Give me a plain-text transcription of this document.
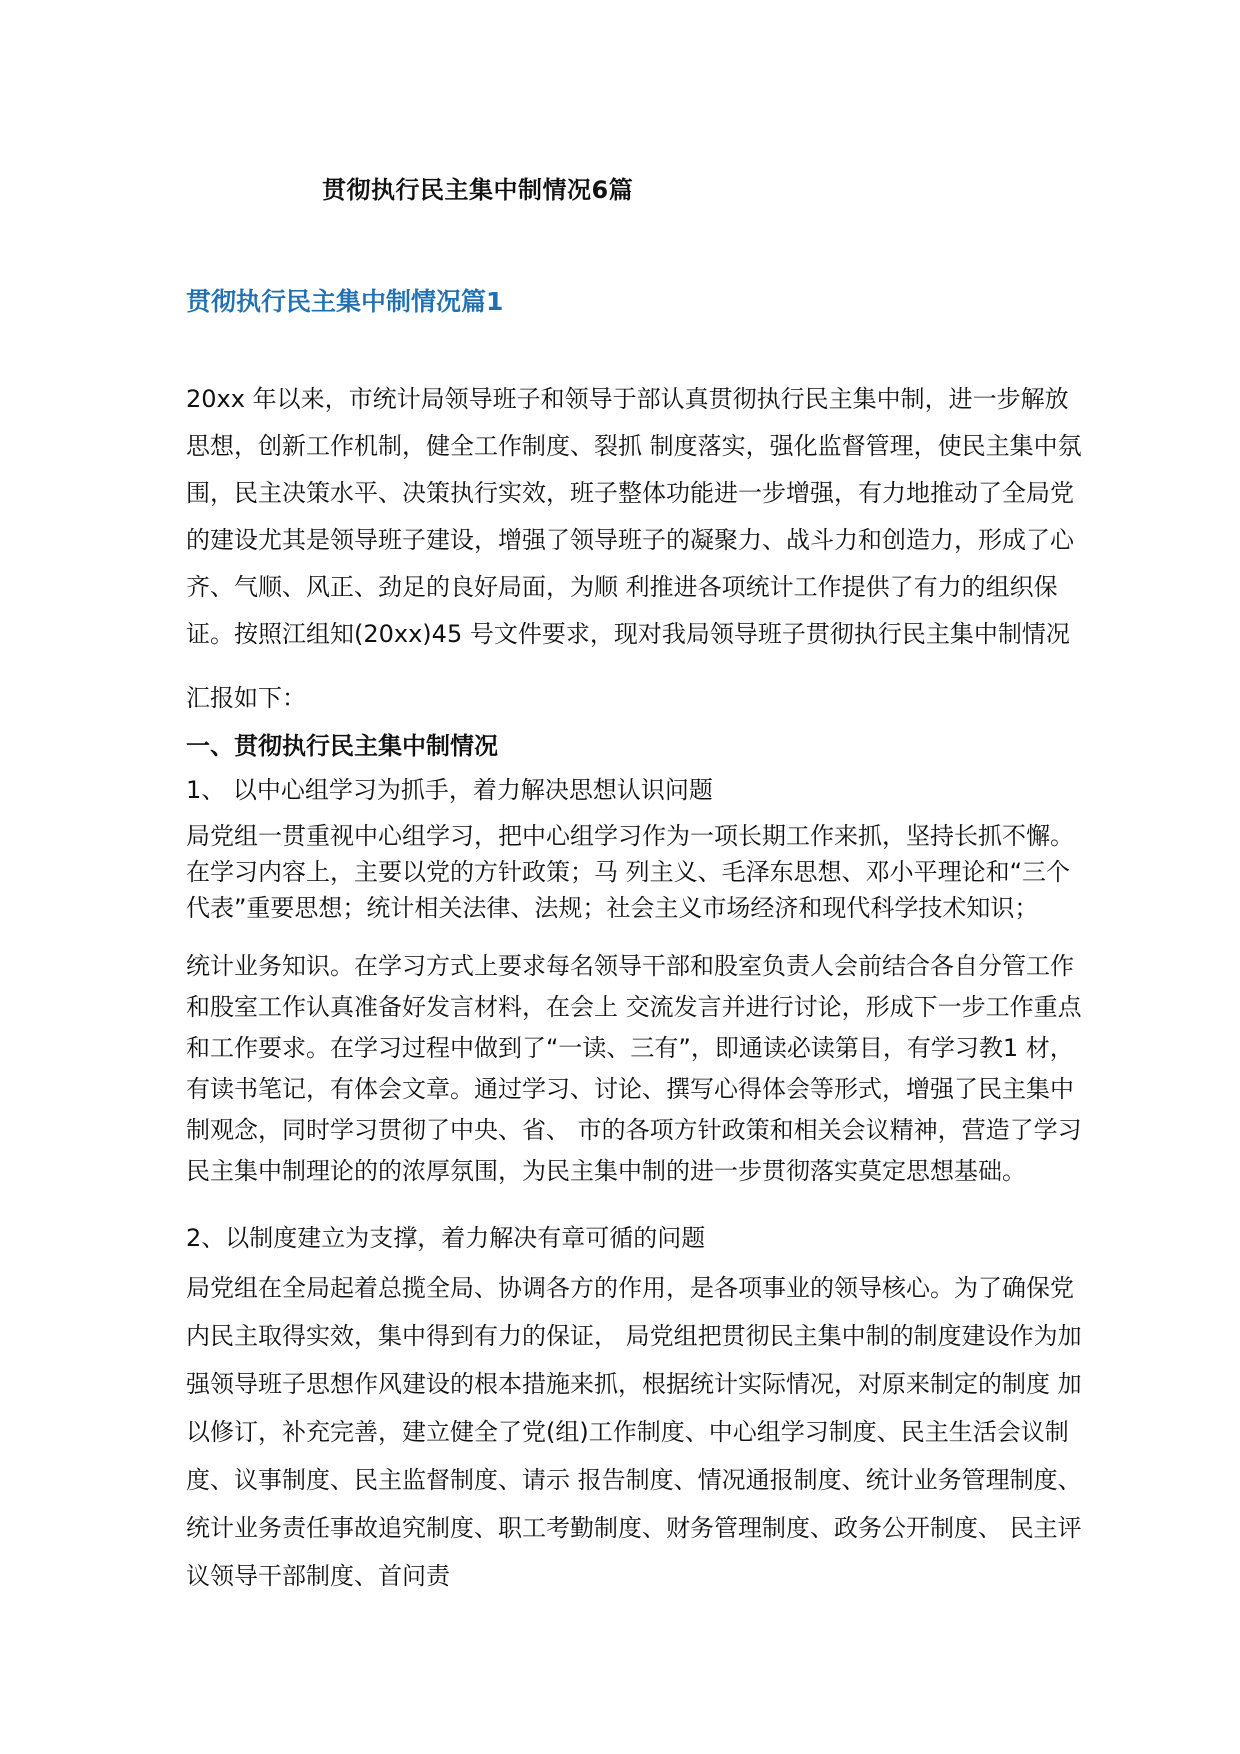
贯彻执行民主集中制情况6篇
贯彻执行民主集中制情况篇1

20xx 年以来，市统计局领导班子和领导于部认真贯彻执行民主集中制，进一步解放思想，创新工作机制，健全工作制度、裂抓 制度落实，强化监督管理，使民主集中氛围，民主决策水平、决策执行实效，班子整体功能进一步增强，有力地推动了全局党 的建设尤其是领导班子建设，增强了领导班子的凝聚力、战斗力和创造力，形成了心齐、气顺、风正、劲足的良好局面，为顺 利推进各项统计工作提供了有力的组织保证。按照江组知(20xx)45 号文件要求，现对我局领导班子贯彻执行民主集中制情况

汇报如下：

一、贯彻执行民主集中制情况

1、 以中心组学习为抓手，着力解决思想认识问题

局党组一贯重视中心组学习，把中心组学习作为一项长期工作来抓，坚持长抓不懈。在学习内容上，主要以党的方针政策；马 列主义、毛泽东思想、邓小平理论和“三个代表”重要思想；统计相关法律、法规；社会主义市场经济和现代科学技术知识；

统计业务知识。在学习方式上要求每名领导干部和股室负责人会前结合各自分管工作和股室工作认真准备好发言材料，在会上 交流发言并进行讨论，形成下一步工作重点和工作要求。在学习过程中做到了“一读、三有”，即通读必读第目，有学习教1 材，有读书笔记，有体会文章。通过学习、讨论、撰写心得体会等形式，增强了民主集中制观念，同时学习贯彻了中央、省、 市的各项方针政策和相关会议精神，营造了学习民主集中制理论的的浓厚氛围，为民主集中制的进一步贯彻落实莫定思想基础。

2、以制度建立为支撑，着力解决有章可循的问题

局党组在全局起着总揽全局、协调各方的作用，是各项事业的领导核心。为了确保党内民主取得实效，集中得到有力的保证， 局党组把贯彻民主集中制的制度建设作为加强领导班子思想作风建设的根本措施来抓，根据统计实际情况，对原来制定的制度 加以修订，补充完善，建立健全了党(组)工作制度、中心组学习制度、民主生活会议制度、议事制度、民主监督制度、请示 报告制度、情况通报制度、统计业务管理制度、统计业务责任事故追究制度、职工考勤制度、财务管理制度、政务公开制度、 民主评议领导干部制度、首问责
